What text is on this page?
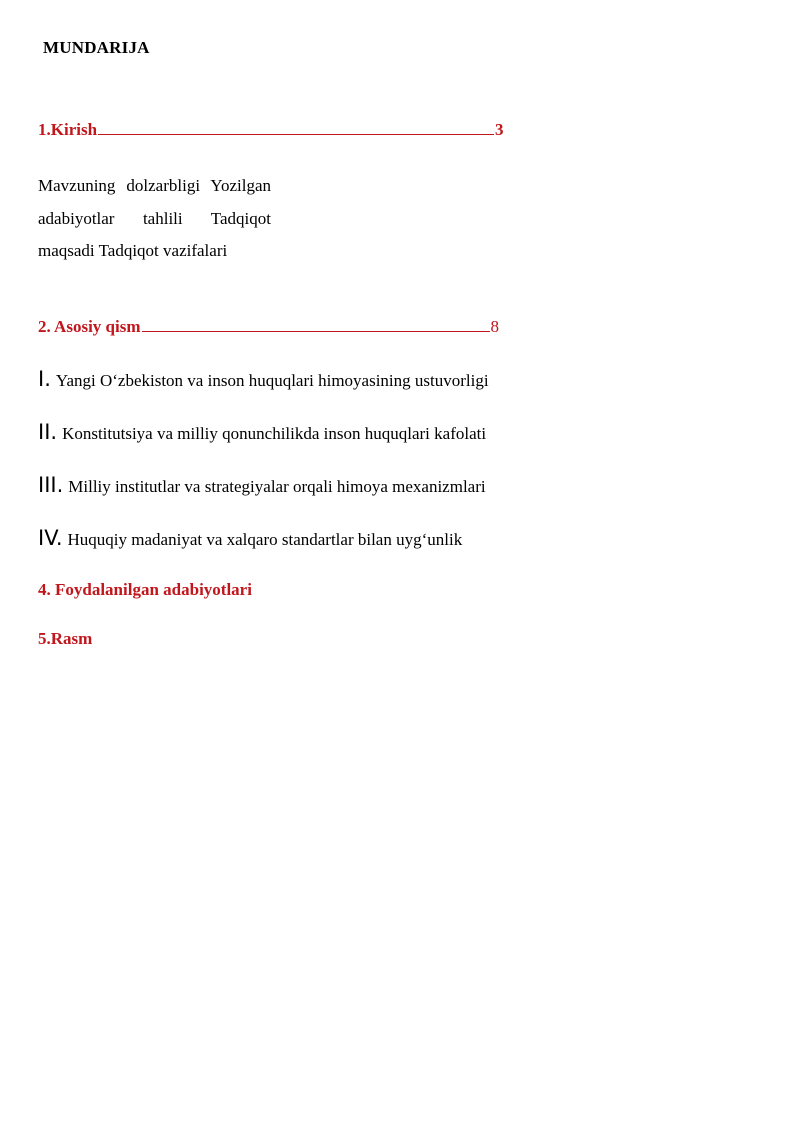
MUNDARIJA
1.Kirish	3
Mavzuning dolzarbligi Yozilgan adabiyotlar tahlili Tadqiqot maqsadi Tadqiqot vazifalari
2. Asosiy qism	8
I. Yangi O‘zbekiston va inson huquqlari himoyasining ustuvorligi
II. Konstitutsiya va milliy qonunchilikda inson huquqlari kafolati
III. Milliy institutlar va strategiyalar orqali himoya mexanizmlari
IV. Huquqiy madaniyat va xalqaro standartlar bilan uyg‘unlik
4. Foydalanilgan adabiyotlari
5.Rasm
